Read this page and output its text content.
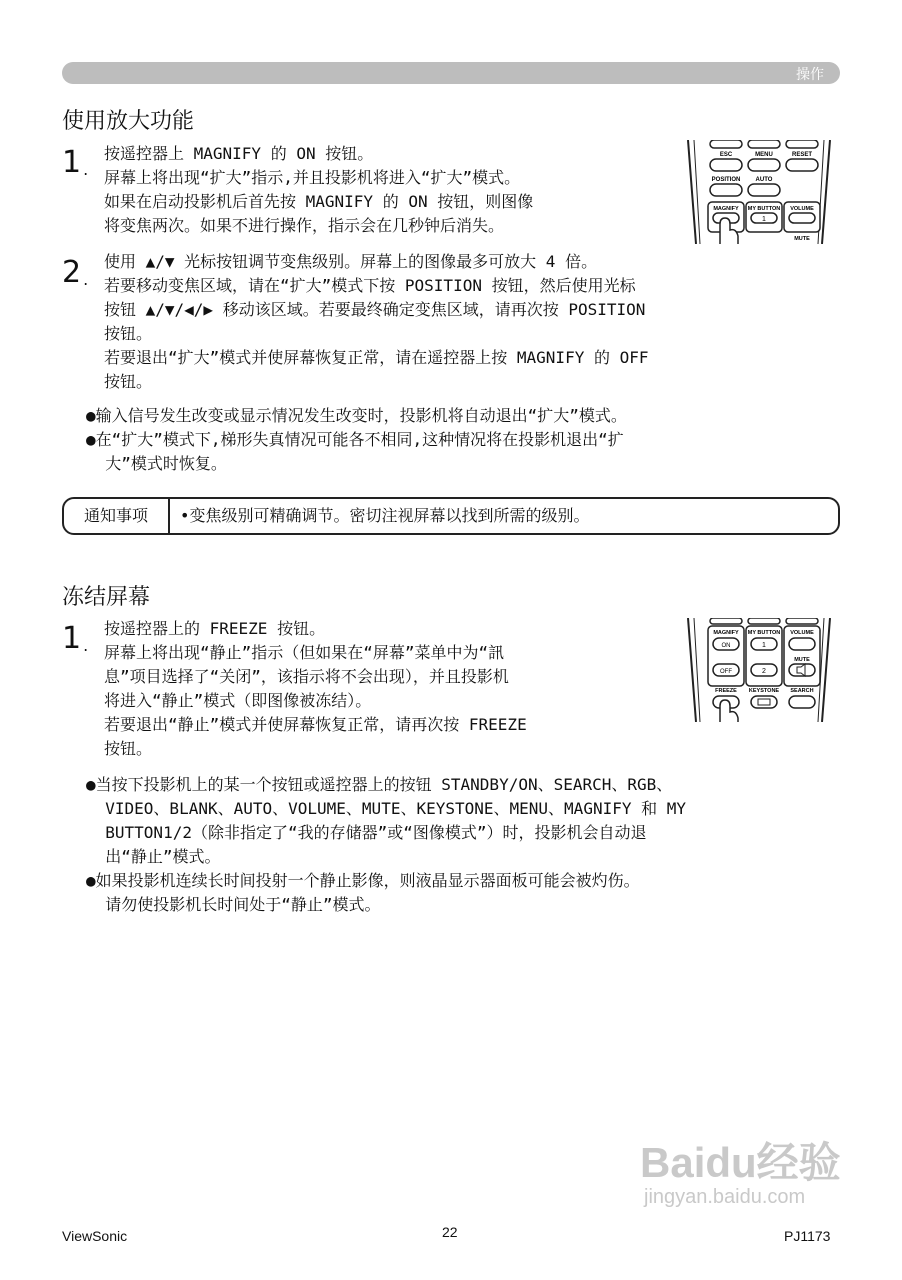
操作
使用放大功能
1 .
按遥控器上 MAGNIFY 的 ON 按钮。
屏幕上将出现“扩大”指示,并且投影机将进入“扩大”模式。
如果在启动投影机后首先按 MAGNIFY 的 ON 按钮，则图像
将变焦两次。如果不进行操作，指示会在几秒钟后消失。
ESC	MENU	RESET
POSITION	AUTO
MAGNIFY MY BUTTON VOLUME
1
MUTE
2 .
使用 ▲/▼ 光标按钮调节变焦级别。屏幕上的图像最多可放大 4 倍。
若要移动变焦区域，请在“扩大”模式下按 POSITION 按钮，然后使用光标
按钮 ▲/▼/◀/▶ 移动该区域。若要最终确定变焦区域，请再次按 POSITION
按钮。
若要退出“扩大”模式并使屏幕恢复正常，请在遥控器上按 MAGNIFY 的 OFF
按钮。
●输入信号发生改变或显示情况发生改变时，投影机将自动退出“扩大”模式。
●在“扩大”模式下,梯形失真情况可能各不相同,这种情况将在投影机退出“扩
大”模式时恢复。
通知事项	•变焦级别可精确调节。密切注视屏幕以找到所需的级别。
冻结屏幕
1 .
按遥控器上的 FREEZE 按钮。
屏幕上将出现“静止”指示（但如果在“屏幕”菜单中为“訊
息”项目选择了“关闭”，该指示将不会出现），并且投影机
将进入“静止”模式（即图像被冻结）。
若要退出“静止”模式并使屏幕恢复正常，请再次按 FREEZE
按钮。
MAGNIFY MY BUTTON VOLUME
ON	1
MUTE
OFF	2
FREEZE KEYSTONE SEARCH
●当按下投影机上的某一个按钮或遥控器上的按钮 STANDBY/ON、SEARCH、RGB、
VIDEO、BLANK、AUTO、VOLUME、MUTE、KEYSTONE、MENU、MAGNIFY 和 MY
BUTTON1/2（除非指定了“我的存储器”或“图像模式”）时，投影机会自动退
出“静止”模式。
●如果投影机连续长时间投射一个静止影像，则液晶显示器面板可能会被灼伤。
请勿使投影机长时间处于“静止”模式。
Baidu经验
jingyan.baidu.com
ViewSonic	22	PJ1173
